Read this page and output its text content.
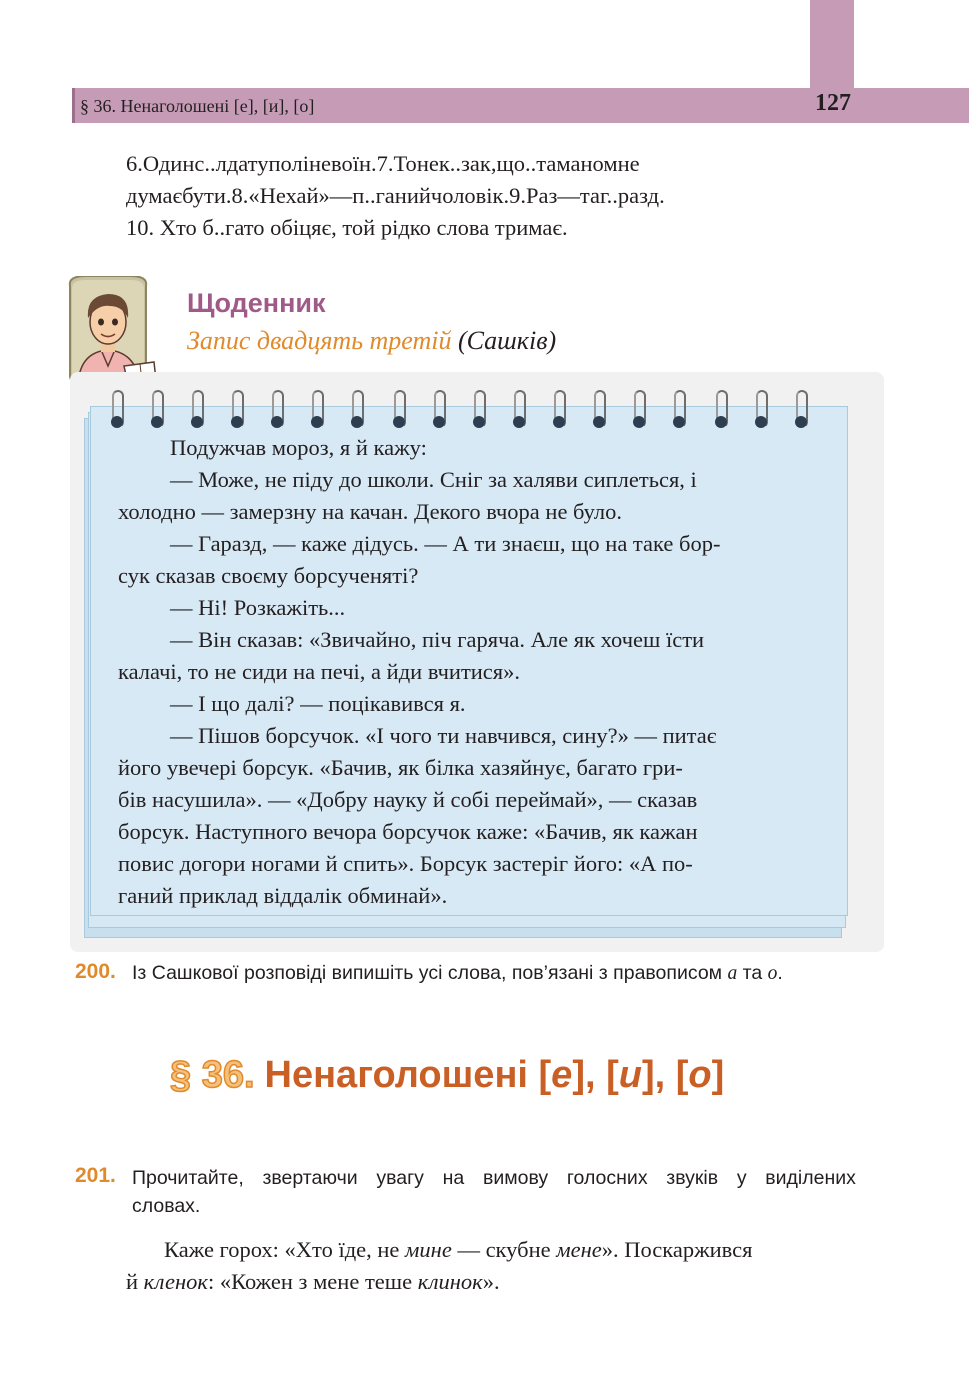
§ 36. Ненаголошені [е], [и], [о]	127
6.Одинс..лдатуполіневоїн.7.Тонек..зак,що..таманомне
думаєбути.8.«Нехай»—п..ганийчоловік.9.Раз—таг..разд.
10. Хто б..гато обіцяє, той рідко слова тримає.
Щоденник
Запис двадцять третій (Сашків)
Подужчав мороз, я й кажу:
— Може, не піду до школи. Сніг за халяви сиплеться, і
холодно — замерзну на качан. Декого вчора не було.
— Гаразд, — каже дідусь. — А ти знаєш, що на таке бор-
сук сказав своєму борсученяті?
— Ні! Розкажіть...
— Він сказав: «Звичайно, піч гаряча. Але як хочеш їсти
калачі, то не сиди на печі, а йди вчитися».
— І що далі? — поцікавився я.
— Пішов борсучок. «І чого ти навчився, сину?» — питає
його увечері борсук. «Бачив, як білка хазяйнує, багато гри-
бів насушила». — «Добру науку й собі переймай», — сказав
борсук. Наступного вечора борсучок каже: «Бачив, як кажан
повис догори ногами й спить». Борсук застеріг його: «А по-
ганий приклад віддалік обминай».
200. Із Сашкової розповіді випишіть усі слова, пов’язані з правописом а та о.
§ 36. Ненаголошені [е], [и], [о]
201. Прочитайте, звертаючи увагу на вимову голосних звуків у виділених
словах.
Каже горох: «Хто їде, не мине — скубне мене». Поскаржився
й кленок: «Кожен з мене теше клинок».
